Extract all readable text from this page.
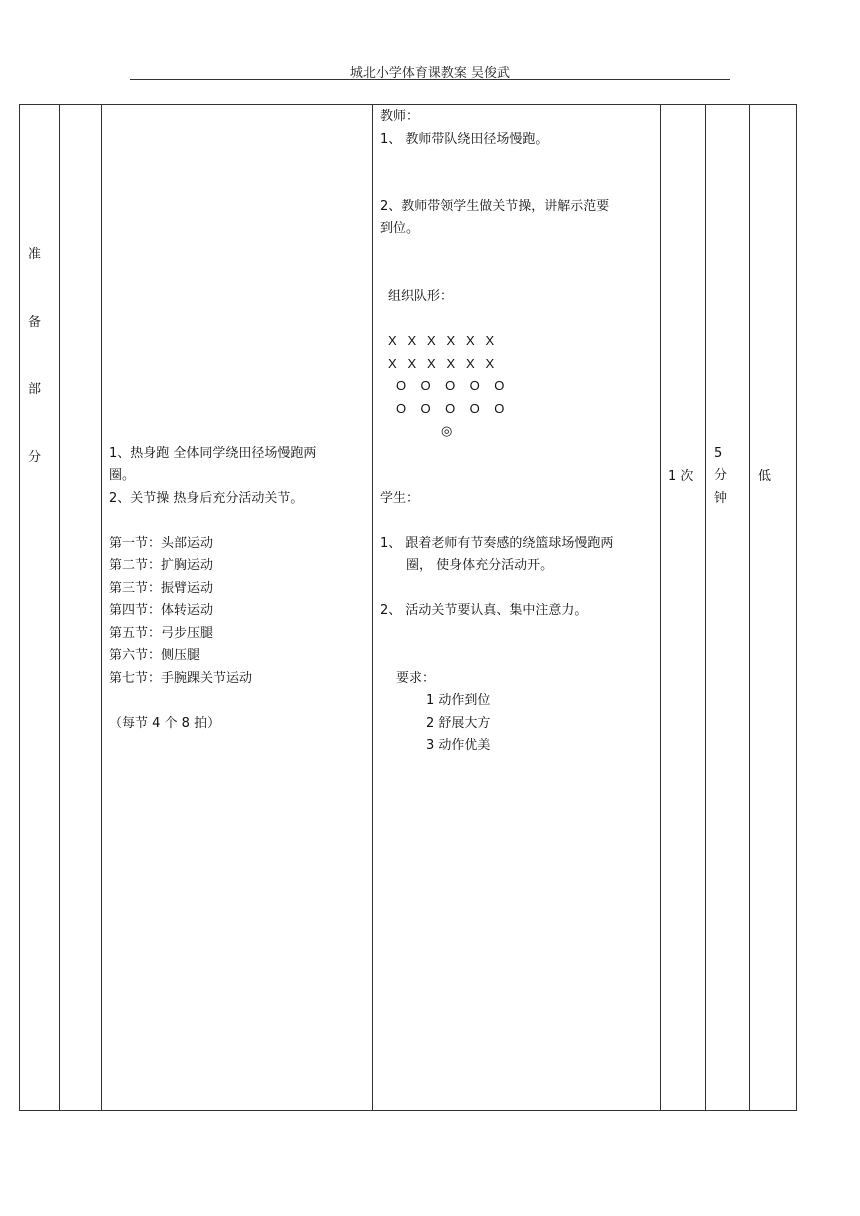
城北小学体育课教案 吴俊武
准
备
部
分	1、热身跑 全体同学绕田径场慢跑两
圈。
2、关节操 热身后充分活动关节。
第一节：头部运动
第二节：扩胸运动
第三节：振臂运动
第四节：体转运动
第五节：弓步压腿
第六节：侧压腿
第七节：手腕踝关节运动
（每节 4 个 8 拍）
教师：
1、 教师带队绕田径场慢跑。
2、教师带领学生做关节操，讲解示范要
到位。
组织队形：
X   X   X   X   X   X
X   X   X   X   X   X
O    O    O    O    O
O    O    O    O    O
◎
学生：
1、 跟着老师有节奏感的绕篮球场慢跑两
圈， 使身体充分活动开。
2、 活动关节要认真、集中注意力。
要求：
1 动作到位
2 舒展大方
3 动作优美
1 次
5
分
钟
低
